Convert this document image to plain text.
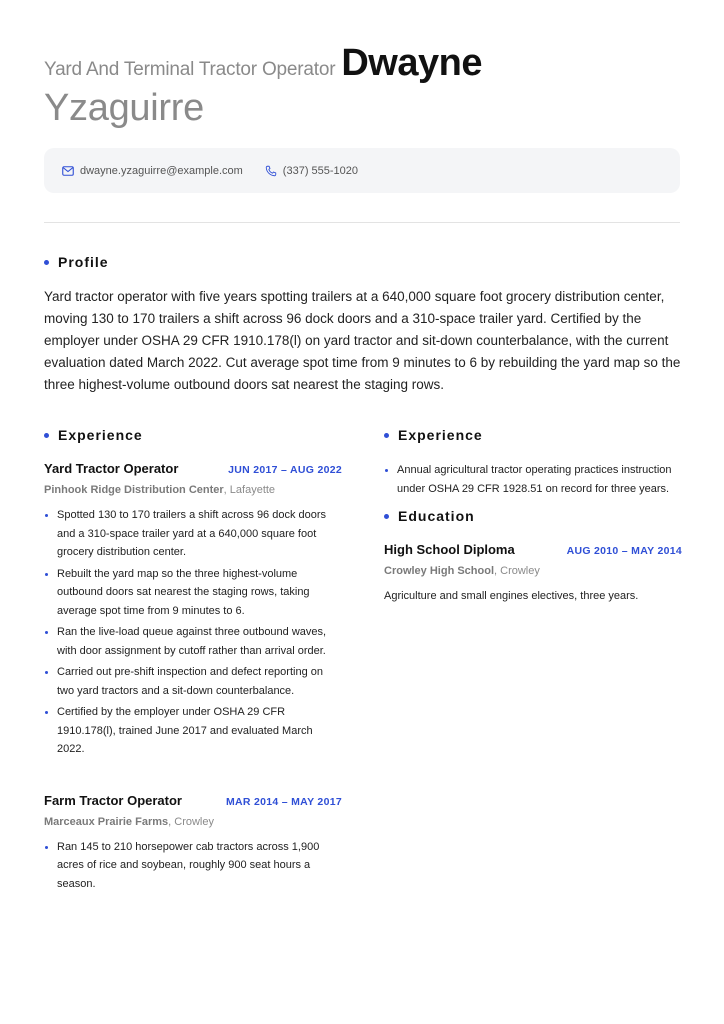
Yard And Terminal Tractor Operator Dwayne
Yzaguirre
dwayne.yzaguirre@example.com	(337) 555-1020
Profile
Yard tractor operator with five years spotting trailers at a 640,000 square foot grocery distribution center, moving 130 to 170 trailers a shift across 96 dock doors and a 310-space trailer yard. Certified by the employer under OSHA 29 CFR 1910.178(l) on yard tractor and sit-down counterbalance, with the current evaluation dated March 2022. Cut average spot time from 9 minutes to 6 by rebuilding the yard map so the three highest-volume outbound doors sat nearest the staging rows.
Experience
Yard Tractor Operator	JUN 2017 – AUG 2022
Pinhook Ridge Distribution Center, Lafayette
Spotted 130 to 170 trailers a shift across 96 dock doors and a 310-space trailer yard at a 640,000 square foot grocery distribution center.
Rebuilt the yard map so the three highest-volume outbound doors sat nearest the staging rows, taking average spot time from 9 minutes to 6.
Ran the live-load queue against three outbound waves, with door assignment by cutoff rather than arrival order.
Carried out pre-shift inspection and defect reporting on two yard tractors and a sit-down counterbalance.
Certified by the employer under OSHA 29 CFR 1910.178(l), trained June 2017 and evaluated March 2022.
Farm Tractor Operator	MAR 2014 – MAY 2017
Marceaux Prairie Farms, Crowley
Ran 145 to 210 horsepower cab tractors across 1,900 acres of rice and soybean, roughly 900 seat hours a season.
Experience
Annual agricultural tractor operating practices instruction under OSHA 29 CFR 1928.51 on record for three years.
Education
High School Diploma	AUG 2010 – MAY 2014
Crowley High School, Crowley
Agriculture and small engines electives, three years.
